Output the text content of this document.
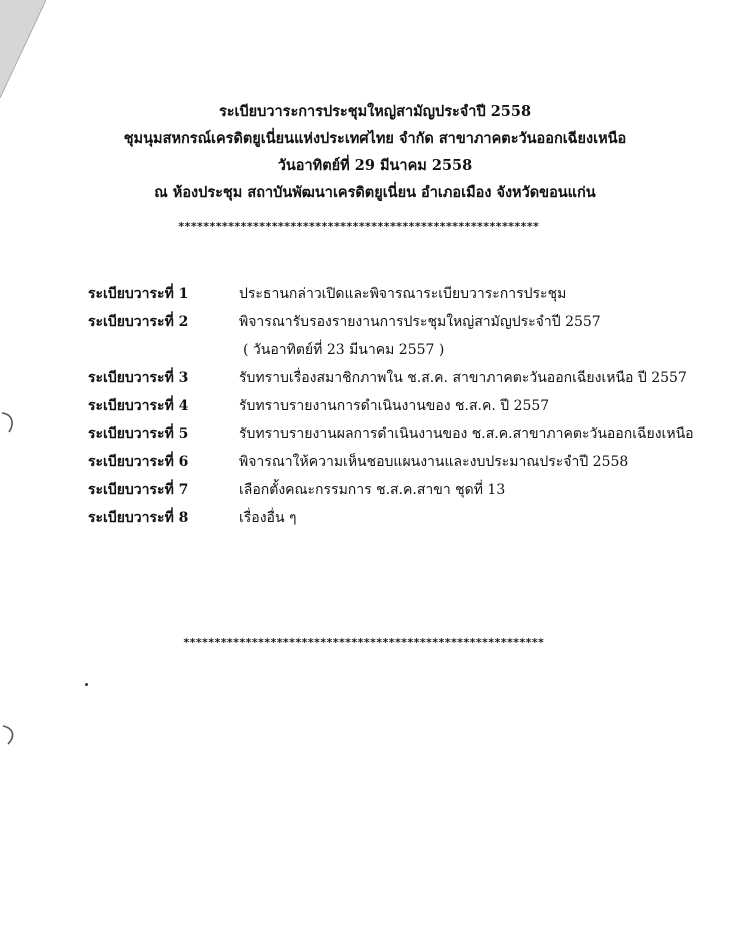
ระเบียบวาระการประชุมใหญ่สามัญประจำปี 2558
ชุมนุมสหกรณ์เครดิตยูเนี่ยนแห่งประเทศไทย จำกัด สาขาภาคตะวันออกเฉียงเหนือ
วันอาทิตย์ที่ 29 มีนาคม 2558
ณ ห้องประชุม สถาบันพัฒนาเครดิตยูเนี่ยน อำเภอเมือง จังหวัดขอนแก่น
**********************************************************
ระเบียบวาระที่ 1	ประธานกล่าวเปิดและพิจารณาระเบียบวาระการประชุม
ระเบียบวาระที่ 2	พิจารณารับรองรายงานการประชุมใหญ่สามัญประจำปี 2557
( วันอาทิตย์ที่ 23 มีนาคม 2557 )
ระเบียบวาระที่ 3	รับทราบเรื่องสมาชิกภาพใน ช.ส.ค. สาขาภาคตะวันออกเฉียงเหนือ ปี 2557
ระเบียบวาระที่ 4	รับทราบรายงานการดำเนินงานของ ช.ส.ค. ปี 2557
ระเบียบวาระที่ 5	รับทราบรายงานผลการดำเนินงานของ ช.ส.ค.สาขาภาคตะวันออกเฉียงเหนือ
ระเบียบวาระที่ 6	พิจารณาให้ความเห็นชอบแผนงานและงบประมาณประจำปี 2558
ระเบียบวาระที่ 7	เลือกตั้งคณะกรรมการ ช.ส.ค.สาขา ชุดที่ 13
ระเบียบวาระที่ 8	เรื่องอื่น ๆ
**********************************************************
